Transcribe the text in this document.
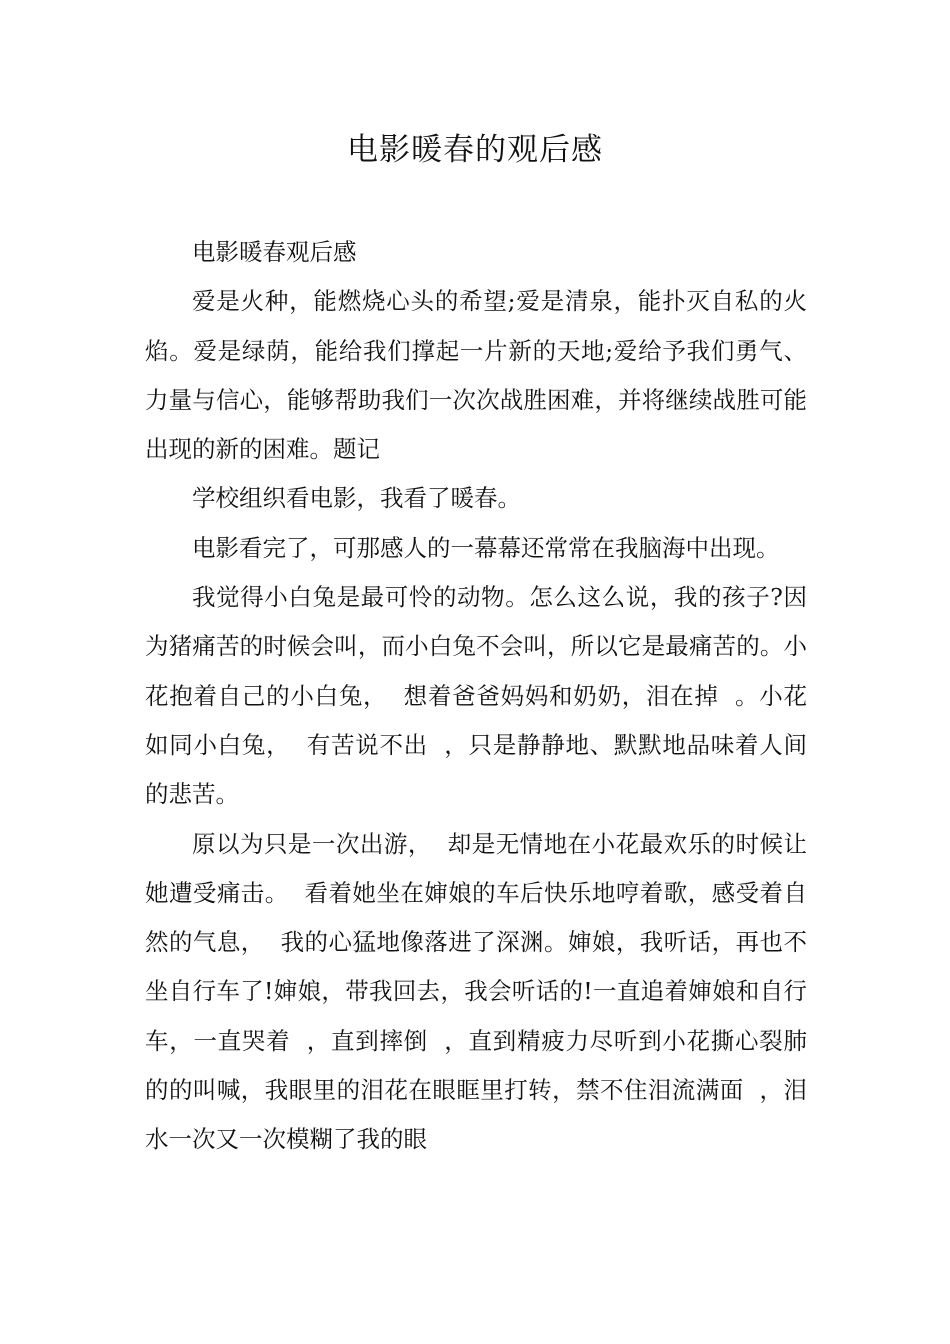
电影暖春的观后感

电影暖春观后感

爱是火种，能燃烧心头的希望;爱是清泉，能扑灭自私的火焰。爱是绿荫，能给我们撑起一片新的天地;爱给予我们勇气、力量与信心，能够帮助我们一次次战胜困难，并将继续战胜可能出现的新的困难。题记

学校组织看电影，我看了暖春。

电影看完了，可那感人的一幕幕还常常在我脑海中出现。

我觉得小白兔是最可怜的动物。怎么这么说，我的孩子?因为猪痛苦的时候会叫，而小白兔不会叫，所以它是最痛苦的。小花抱着自己的小白兔，  想着爸爸妈妈和奶奶，泪在掉  。小花如同小白兔，  有苦说不出  ，只是静静地、默默地品味着人间的悲苦。

原以为只是一次出游，  却是无情地在小花最欢乐的时候让她遭受痛击。  看着她坐在婶娘的车后快乐地哼着歌，感受着自然的气息，  我的心猛地像落进了深渊。婶娘，我听话，再也不坐自行车了!婶娘，带我回去，我会听话的!一直追着婶娘和自行车，一直哭着  ，直到摔倒  ，直到精疲力尽听到小花撕心裂肺的的叫喊，我眼里的泪花在眼眶里打转，禁不住泪流满面  ，泪水一次又一次模糊了我的眼
